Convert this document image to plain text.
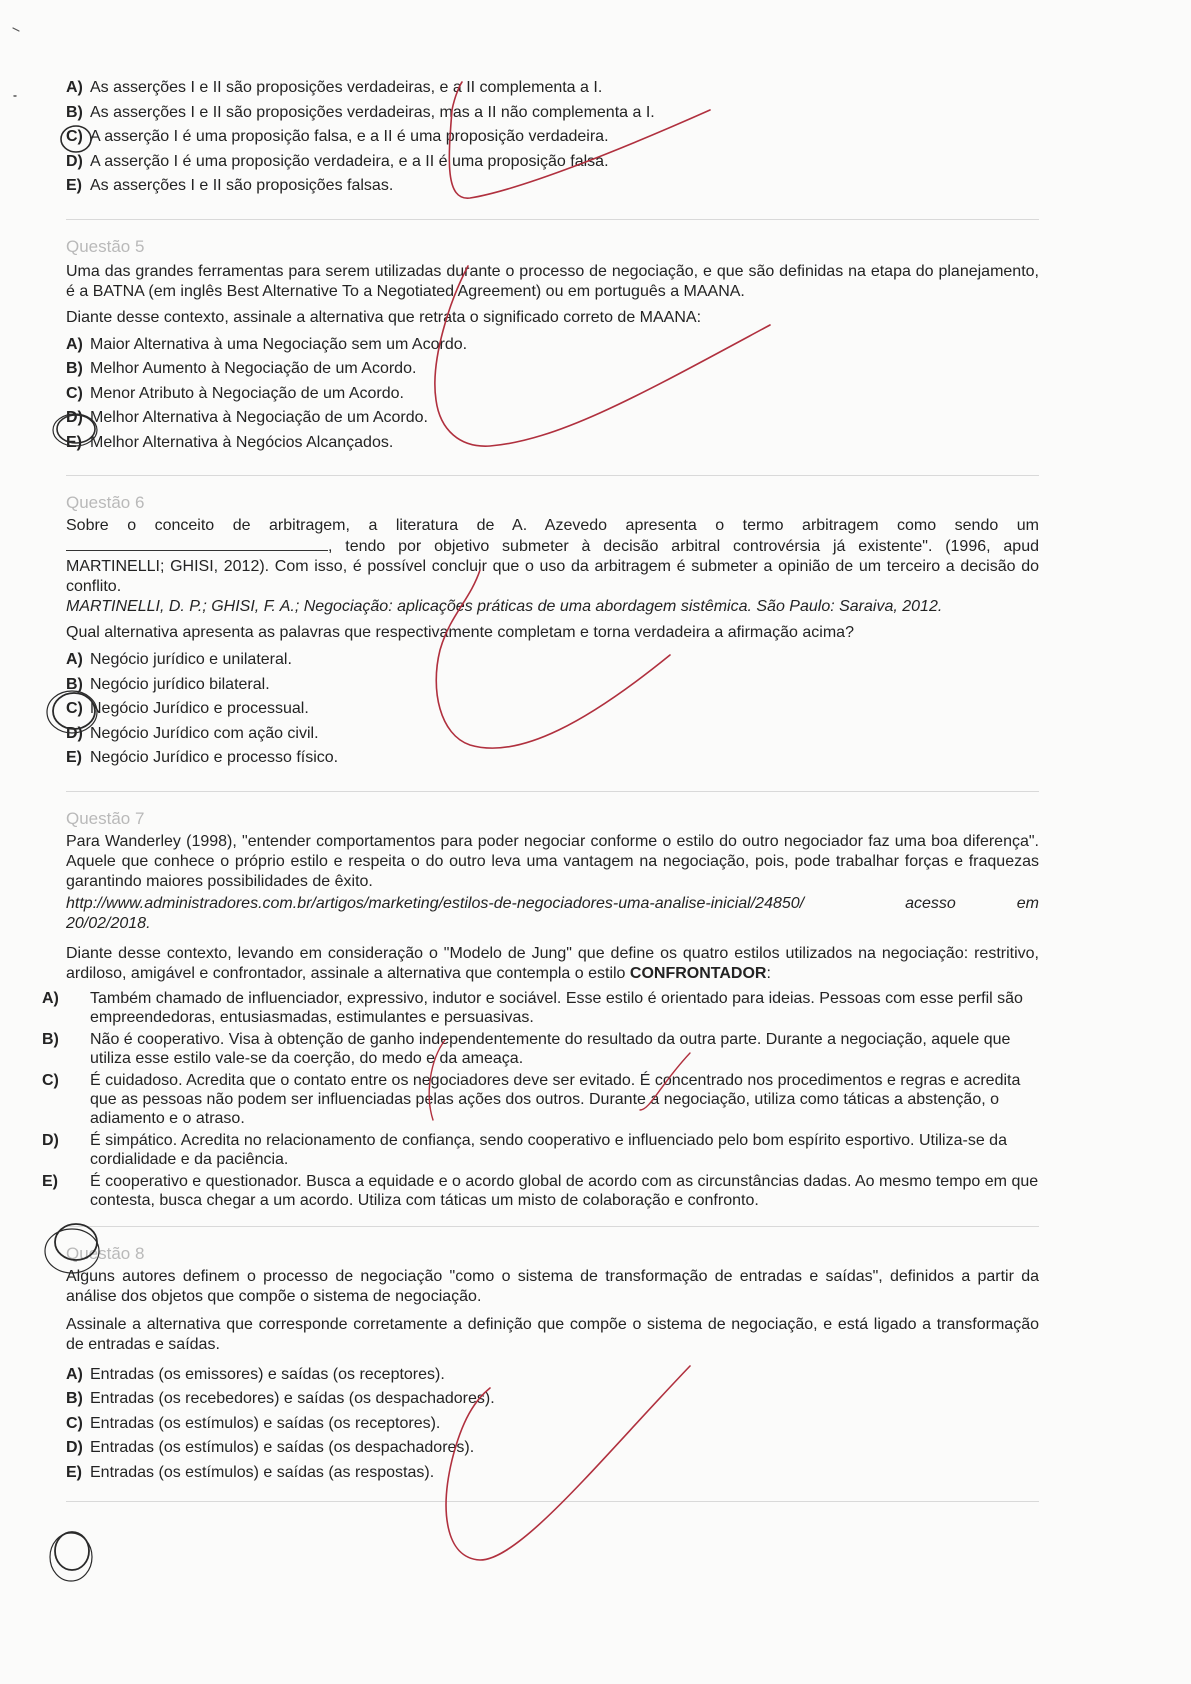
A) As asserções I e II são proposições verdadeiras, e a II complementa a I.

B) As asserções I e II são proposições verdadeiras, mas a II não complementa a I.

C) A asserção I é uma proposição falsa, e a II é uma proposição verdadeira.

D) A asserção I é uma proposição verdadeira, e a II é uma proposição falsa.

E) As asserções I e II são proposições falsas.

Questão 5

Uma das grandes ferramentas para serem utilizadas durante o processo de negociação, e que são definidas na etapa do planejamento, é a BATNA (em inglês Best Alternative To a Negotiated Agreement) ou em português a MAANA.

Diante desse contexto, assinale a alternativa que retrata o significado correto de MAANA:

A) Maior Alternativa à uma Negociação sem um Acordo.

B) Melhor Aumento à Negociação de um Acordo.

C) Menor Atributo à Negociação de um Acordo.

D) Melhor Alternativa à Negociação de um Acordo.

E) Melhor Alternativa à Negócios Alcançados.

Questão 6

Sobre o conceito de arbitragem, a literatura de A. Azevedo apresenta o termo arbitragem como sendo um , tendo por objetivo submeter à decisão arbitral controvérsia já existente". (1996, apud MARTINELLI; GHISI, 2012). Com isso, é possível concluir que o uso da arbitragem é submeter a opinião de um terceiro a decisão do conflito.

MARTINELLI, D. P.; GHISI, F. A.; Negociação: aplicações práticas de uma abordagem sistêmica. São Paulo: Saraiva, 2012.

Qual alternativa apresenta as palavras que respectivamente completam e torna verdadeira a afirmação acima?

A) Negócio jurídico e unilateral.

B) Negócio jurídico bilateral.

C) Negócio Jurídico e processual.

D) Negócio Jurídico com ação civil.

E) Negócio Jurídico e processo físico.

Questão 7

Para Wanderley (1998), "entender comportamentos para poder negociar conforme o estilo do outro negociador faz uma boa diferença". Aquele que conhece o próprio estilo e respeita o do outro leva uma vantagem na negociação, pois, pode trabalhar forças e fraquezas garantindo maiores possibilidades de êxito.

http://www.administradores.com.br/artigos/marketing/estilos-de-negociadores-uma-analise-inicial/24850/	acesso	em

20/02/2018.

Diante desse contexto, levando em consideração o "Modelo de Jung" que define os quatro estilos utilizados na negociação: restritivo, ardiloso, amigável e confrontador, assinale a alternativa que contempla o estilo CONFRONTADOR:

A) Também chamado de influenciador, expressivo, indutor e sociável. Esse estilo é orientado para ideias. Pessoas com esse perfil são empreendedoras, entusiasmadas, estimulantes e persuasivas.

B) Não é cooperativo. Visa à obtenção de ganho independentemente do resultado da outra parte. Durante a negociação, aquele que utiliza esse estilo vale-se da coerção, do medo e da ameaça.

C) É cuidadoso. Acredita que o contato entre os negociadores deve ser evitado. É concentrado nos procedimentos e regras e acredita que as pessoas não podem ser influenciadas pelas ações dos outros. Durante a negociação, utiliza como táticas a abstenção, o adiamento e o atraso.

D) É simpático. Acredita no relacionamento de confiança, sendo cooperativo e influenciado pelo bom espírito esportivo. Utiliza-se da cordialidade e da paciência.

E) É cooperativo e questionador. Busca a equidade e o acordo global de acordo com as circunstâncias dadas. Ao mesmo tempo em que contesta, busca chegar a um acordo. Utiliza com táticas um misto de colaboração e confronto.

Questão 8

Alguns autores definem o processo de negociação "como o sistema de transformação de entradas e saídas", definidos a partir da análise dos objetos que compõe o sistema de negociação.

Assinale a alternativa que corresponde corretamente a definição que compõe o sistema de negociação, e está ligado a transformação de entradas e saídas.

A) Entradas (os emissores) e saídas (os receptores).

B) Entradas (os recebedores) e saídas (os despachadores).

C) Entradas (os estímulos) e saídas (os receptores).

D) Entradas (os estímulos) e saídas (os despachadores).

E) Entradas (os estímulos) e saídas (as respostas).
